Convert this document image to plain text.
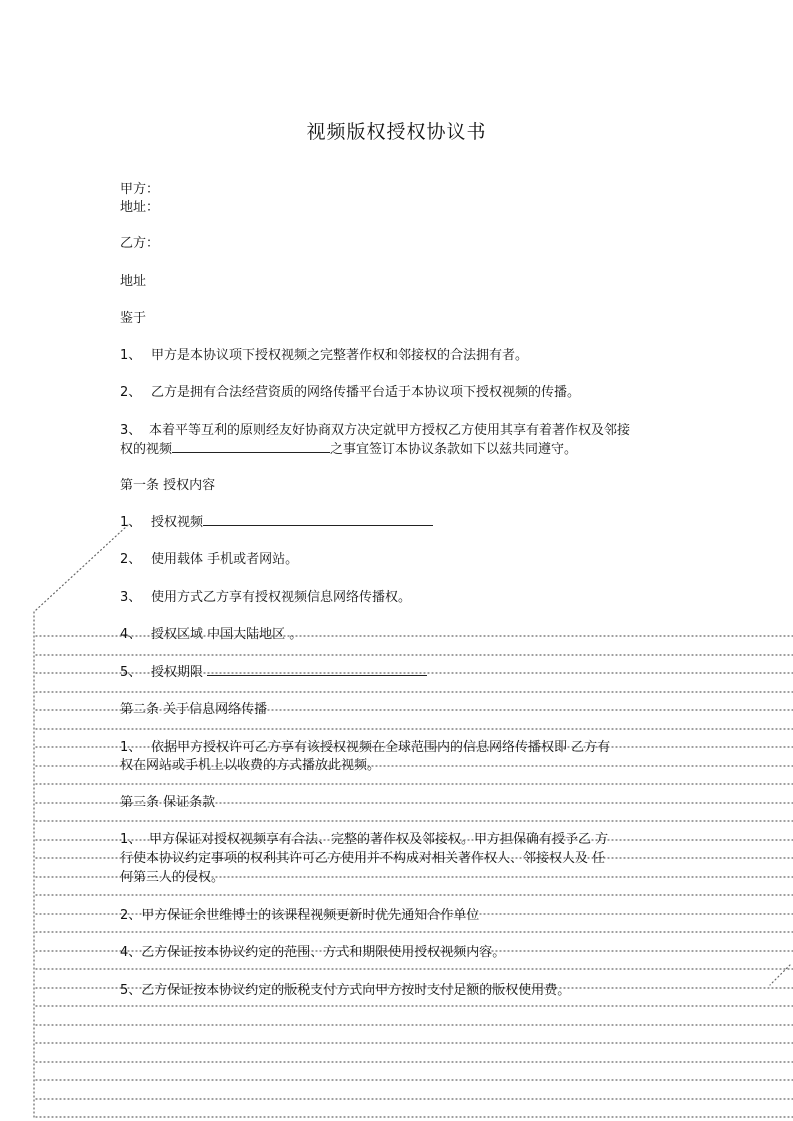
视频版权授权协议书
甲方：
地址：
乙方：
地址
鉴于
1、 甲方是本协议项下授权视频之完整著作权和邻接权的合法拥有者。
2、 乙方是拥有合法经营资质的网络传播平台适于本协议项下授权视频的传播。
3、 本着平等互利的原则经友好协商双方决定就甲方授权乙方使用其享有着著作权及邻接
权的视频	之事宜签订本协议条款如下以兹共同遵守。
第一条 授权内容
1、 授权视频
2、 使用载体 手机或者网站。
3、 使用方式乙方享有授权视频信息网络传播权。
4、 授权区域 中国大陆地区 。
5、 授权期限
第二条 关于信息网络传播
1、 依据甲方授权许可乙方享有该授权视频在全球范围内的信息网络传播权即 乙方有
权在网站或手机上以收费的方式播放此视频。
第三条 保证条款
1、 甲方保证对授权视频享有合法、完整的著作权及邻接权。甲方担保确有授予乙 方
行使本协议约定事项的权利其许可乙方使用并不构成对相关著作权人、邻接权人及 任
何第三人的侵权。
2、甲方保证余世维博士的该课程视频更新时优先通知合作单位
4、乙方保证按本协议约定的范围、方式和期限使用授权视频内容。
5、乙方保证按本协议约定的版税支付方式向甲方按时支付足额的版权使用费。
